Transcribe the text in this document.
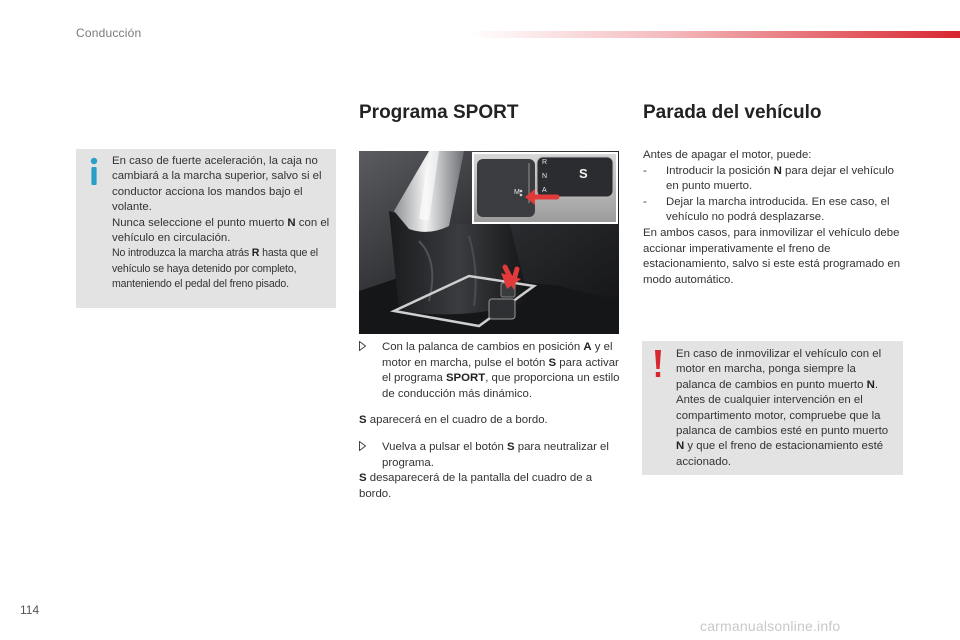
Conducción
En caso de fuerte aceleración, la caja no cambiará a la marcha superior, salvo si el conductor acciona los mandos bajo el volante.
Nunca seleccione el punto muerto N con el vehículo en circulación.
No introduzca la marcha atrás R hasta que el vehículo se haya detenido por completo, manteniendo el pedal del freno pisado.
Programa SPORT	Parada del vehículo
R
N
A
M
S
Con la palanca de cambios en posición A y el motor en marcha, pulse el botón S para activar el programa SPORT, que proporciona un estilo de conducción más dinámico.
S aparecerá en el cuadro de a bordo.
Vuelva a pulsar el botón S para neutralizar el programa.
S desaparecerá de la pantalla del cuadro de a bordo.
Antes de apagar el motor, puede:
- Introducir la posición N para dejar el vehículo en punto muerto.
- Dejar la marcha introducida. En ese caso, el vehículo no podrá desplazarse.
En ambos casos, para inmovilizar el vehículo debe accionar imperativamente el freno de estacionamiento, salvo si este está programado en modo automático.
En caso de inmovilizar el vehículo con el motor en marcha, ponga siempre la palanca de cambios en punto muerto N. Antes de cualquier intervención en el compartimento motor, compruebe que la palanca de cambios esté en punto muerto N y que el freno de estacionamiento esté accionado.
114
carmanualsonline.info
